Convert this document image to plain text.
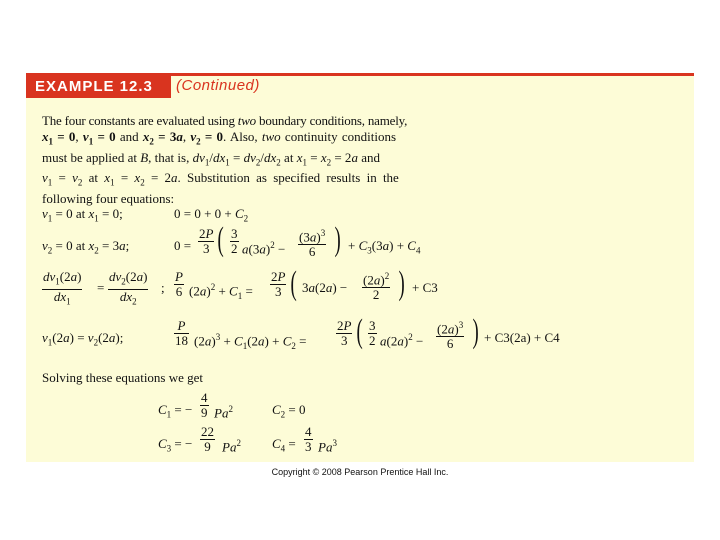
EXAMPLE 12.3	(Continued)
The four constants are evaluated using two boundary conditions, namely,
$x_1 = 0$, $v_1 = 0$ and $x_2 = 3a$, $v_2 = 0$. Also, two continuity conditions
must be applied at B, that is, $dv_1/dx_1 = dv_2/dx_2$ at $x_1 = x_2 = 2a$ and
$v_1 = v_2$ at $x_1 = x_2 = 2a$. Substitution as specified results in the
following four equations:
$v_1 = 0$ at $x_1 = 0$;	$0 = 0 + 0 + C_2$
$v_2 = 0$ at $x_2 = 3a$;	$0 = \frac{2P}{3}$ ( $\frac{3}{2} a(3a)^2 - \frac{(3a)^3}{6}$ ) + $C_3(3a) + C_4$
$\frac{dv_1(2a)}{dx_1} = \frac{dv_2(2a)}{dx_2}$ ; $\frac{P}{6} (2a)^2 + C_1 = \frac{2P}{3}$ ( $3a(2a) - \frac{(2a)^2}{2}$ ) + C3
$v_1(2a) = v_2(2a)$;	$\frac{P}{18} (2a)^3 + C_1(2a) + C_2 = \frac{2P}{3}$ ( $\frac{3}{2} a(2a)^2 - \frac{(2a)^3}{6}$ ) + C3(2a) + C4
Solving these equations we get
$C_1$ = − $\frac{4}{9} Pa^2$	$C_2 = 0$
$C_3$ = − $\frac{22}{9} Pa^2$ $C_4 = \frac{4}{3} Pa^3$
Copyright © 2008 Pearson Prentice Hall Inc.
